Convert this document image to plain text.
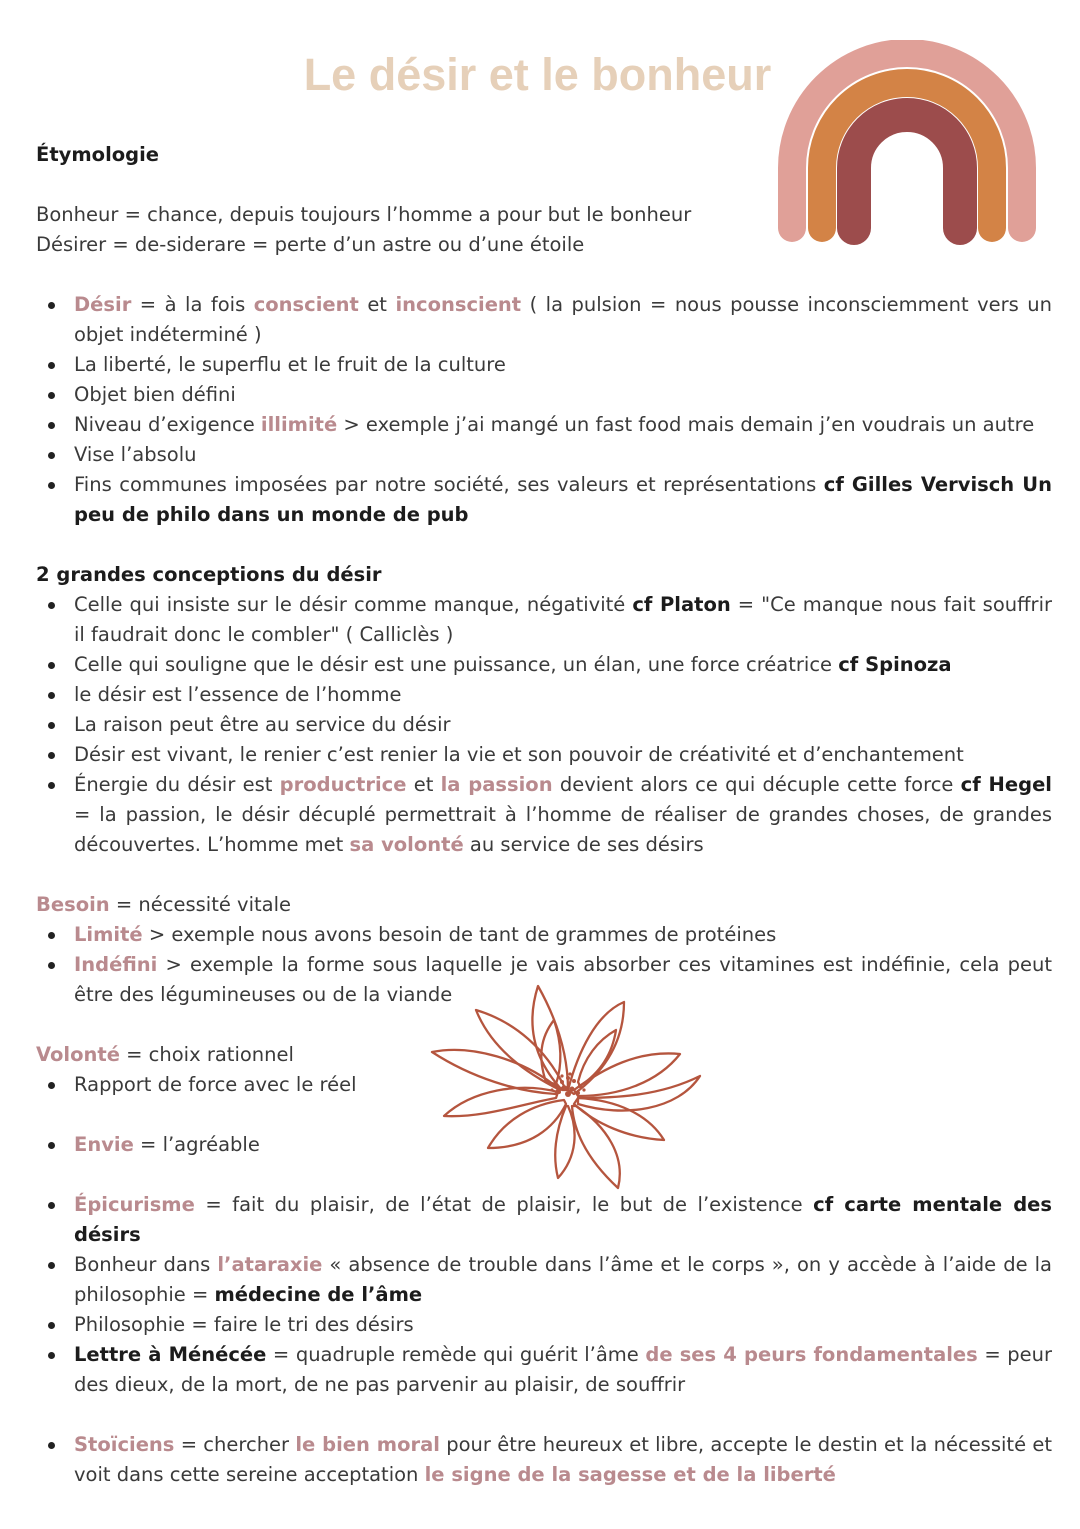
Le désir et le bonheur
Étymologie

Bonheur = chance, depuis toujours l’homme a pour but le bonheur

Désirer = de-siderare = perte d’un astre ou d’une étoile

Désir = à la fois conscient et inconscient ( la pulsion = nous pousse inconsciemment vers un objet indéterminé )
La liberté, le superflu et le fruit de la culture
Objet bien défini
Niveau d’exigence illimité > exemple j’ai mangé un fast food mais demain j’en voudrais un autre
Vise l’absolu
Fins communes imposées par notre société, ses valeurs et représentations cf Gilles Vervisch Un peu de philo dans un monde de pub
2 grandes conceptions du désir
Celle qui insiste sur le désir comme manque, négativité cf Platon = "Ce manque nous fait souffrir il faudrait donc le combler" ( Calliclès )
Celle qui souligne que le désir est une puissance, un élan, une force créatrice cf Spinoza
le désir est l’essence de l’homme
La raison peut être au service du désir
Désir est vivant, le renier c’est renier la vie et son pouvoir de créativité et d’enchantement
Énergie du désir est productrice et la passion devient alors ce qui décuple cette force cf Hegel = la passion, le désir décuplé permettrait à l’homme de réaliser de grandes choses, de grandes découvertes. L’homme met sa volonté au service de ses désirs

Besoin = nécessité vitale

Limité > exemple nous avons besoin de tant de grammes de protéines
Indéfini > exemple la forme sous laquelle je vais absorber ces vitamines est indéfinie, cela peut être des légumineuses ou de la viande

Volonté = choix rationnel

Rapport de force avec le réel
Envie = l’agréable
Épicurisme = fait du plaisir, de l’état de plaisir, le but de l’existence cf carte mentale des désirs
Bonheur dans l’ataraxie « absence de trouble dans l’âme et le corps », on y accède à l’aide de la philosophie = médecine de l’âme
Philosophie = faire le tri des désirs
Lettre à Ménécée = quadruple remède qui guérit l’âme de ses 4 peurs fondamentales = peur des dieux, de la mort, de ne pas parvenir au plaisir, de souffrir
Stoïciens = chercher le bien moral pour être heureux et libre, accepte le destin et la nécessité et voit dans cette sereine acceptation le signe de la sagesse et de la liberté
